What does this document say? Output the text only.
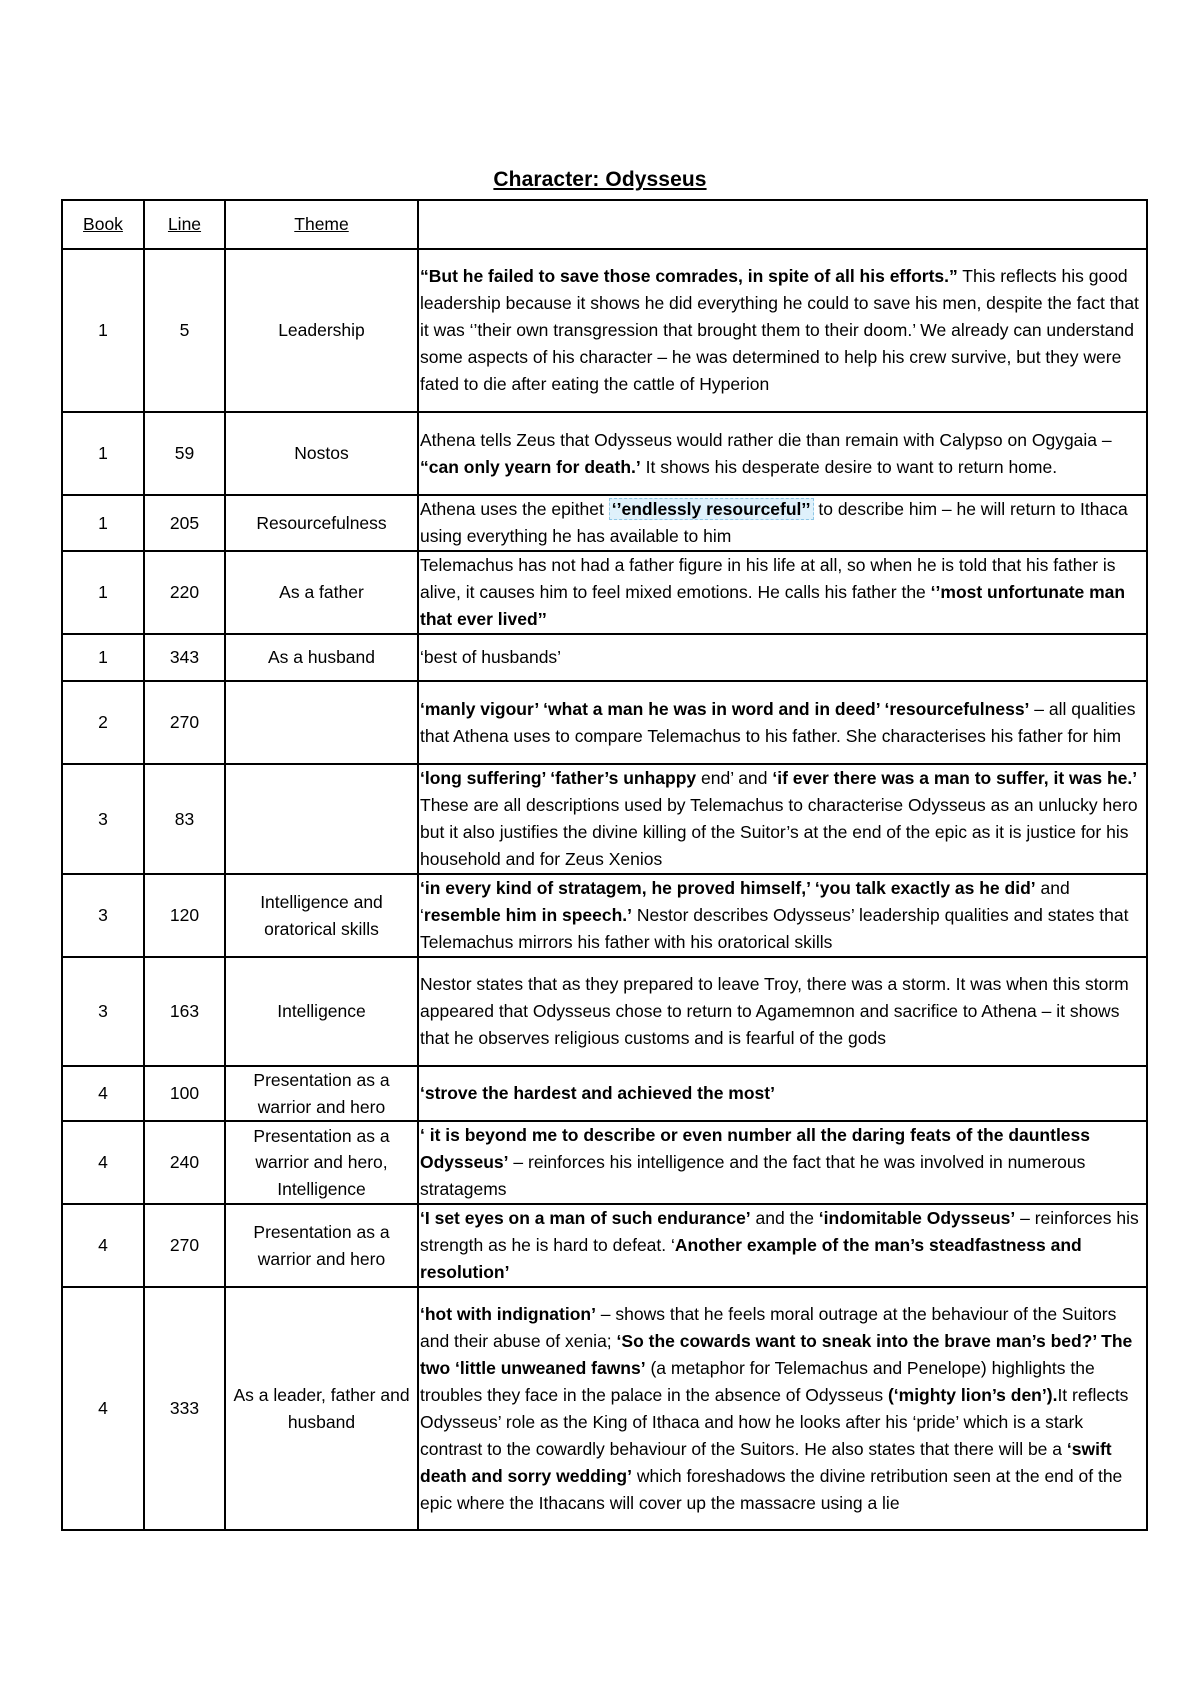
Character: Odysseus
Book	Line	Theme	
1	5	Leadership	“But he failed to save those comrades, in spite of all his efforts.” This reflects his good leadership because it shows he did everything he could to save his men, despite the fact that it was ‘’their own transgression that brought them to their doom.’ We already can understand some aspects of his character – he was determined to help his crew survive, but they were fated to die after eating the cattle of Hyperion
1	59	Nostos	Athena tells Zeus that Odysseus would rather die than remain with Calypso on Ogygaia – “can only yearn for death.’ It shows his desperate desire to want to return home.
1	205	Resourcefulness	Athena uses the epithet ‘’endlessly resourceful’’ to describe him – he will return to Ithaca using everything he has available to him
1	220	As a father	Telemachus has not had a father figure in his life at all, so when he is told that his father is alive, it causes him to feel mixed emotions. He calls his father the ‘’most unfortunate man that ever lived’’
1	343	As a husband	‘best of husbands’
2	270		‘manly vigour’ ‘what a man he was in word and in deed’ ‘resourcefulness’ – all qualities that Athena uses to compare Telemachus to his father. She characterises his father for him
3	83		‘long suffering’ ‘father’s unhappy end’ and ‘if ever there was a man to suffer, it was he.’ These are all descriptions used by Telemachus to characterise Odysseus as an unlucky hero but it also justifies the divine killing of the Suitor’s at the end of the epic as it is justice for his household and for Zeus Xenios
3	120	Intelligence and oratorical skills	‘in every kind of stratagem, he proved himself,’ ‘you talk exactly as he did’ and ‘resemble him in speech.’ Nestor describes Odysseus’ leadership qualities and states that Telemachus mirrors his father with his oratorical skills
3	163	Intelligence	Nestor states that as they prepared to leave Troy, there was a storm. It was when this storm appeared that Odysseus chose to return to Agamemnon and sacrifice to Athena – it shows that he observes religious customs and is fearful of the gods
4	100	Presentation as a warrior and hero	‘strove the hardest and achieved the most’
4	240	Presentation as a warrior and hero, Intelligence	‘ it is beyond me to describe or even number all the daring feats of the dauntless Odysseus’ – reinforces his intelligence and the fact that he was involved in numerous stratagems
4	270	Presentation as a warrior and hero	‘I set eyes on a man of such endurance’ and the ‘indomitable Odysseus’ – reinforces his strength as he is hard to defeat. ‘Another example of the man’s steadfastness and resolution’
4	333	As a leader, father and husband	‘hot with indignation’ – shows that he feels moral outrage at the behaviour of the Suitors and their abuse of xenia; ‘So the cowards want to sneak into the brave man’s bed?’ The two ‘little unweaned fawns’ (a metaphor for Telemachus and Penelope) highlights the troubles they face in the palace in the absence of Odysseus (‘mighty lion’s den’).It reflects Odysseus’ role as the King of Ithaca and how he looks after his ‘pride’ which is a stark contrast to the cowardly behaviour of the Suitors. He also states that there will be a ‘swift death and sorry wedding’ which foreshadows the divine retribution seen at the end of the epic where the Ithacans will cover up the massacre using a lie
